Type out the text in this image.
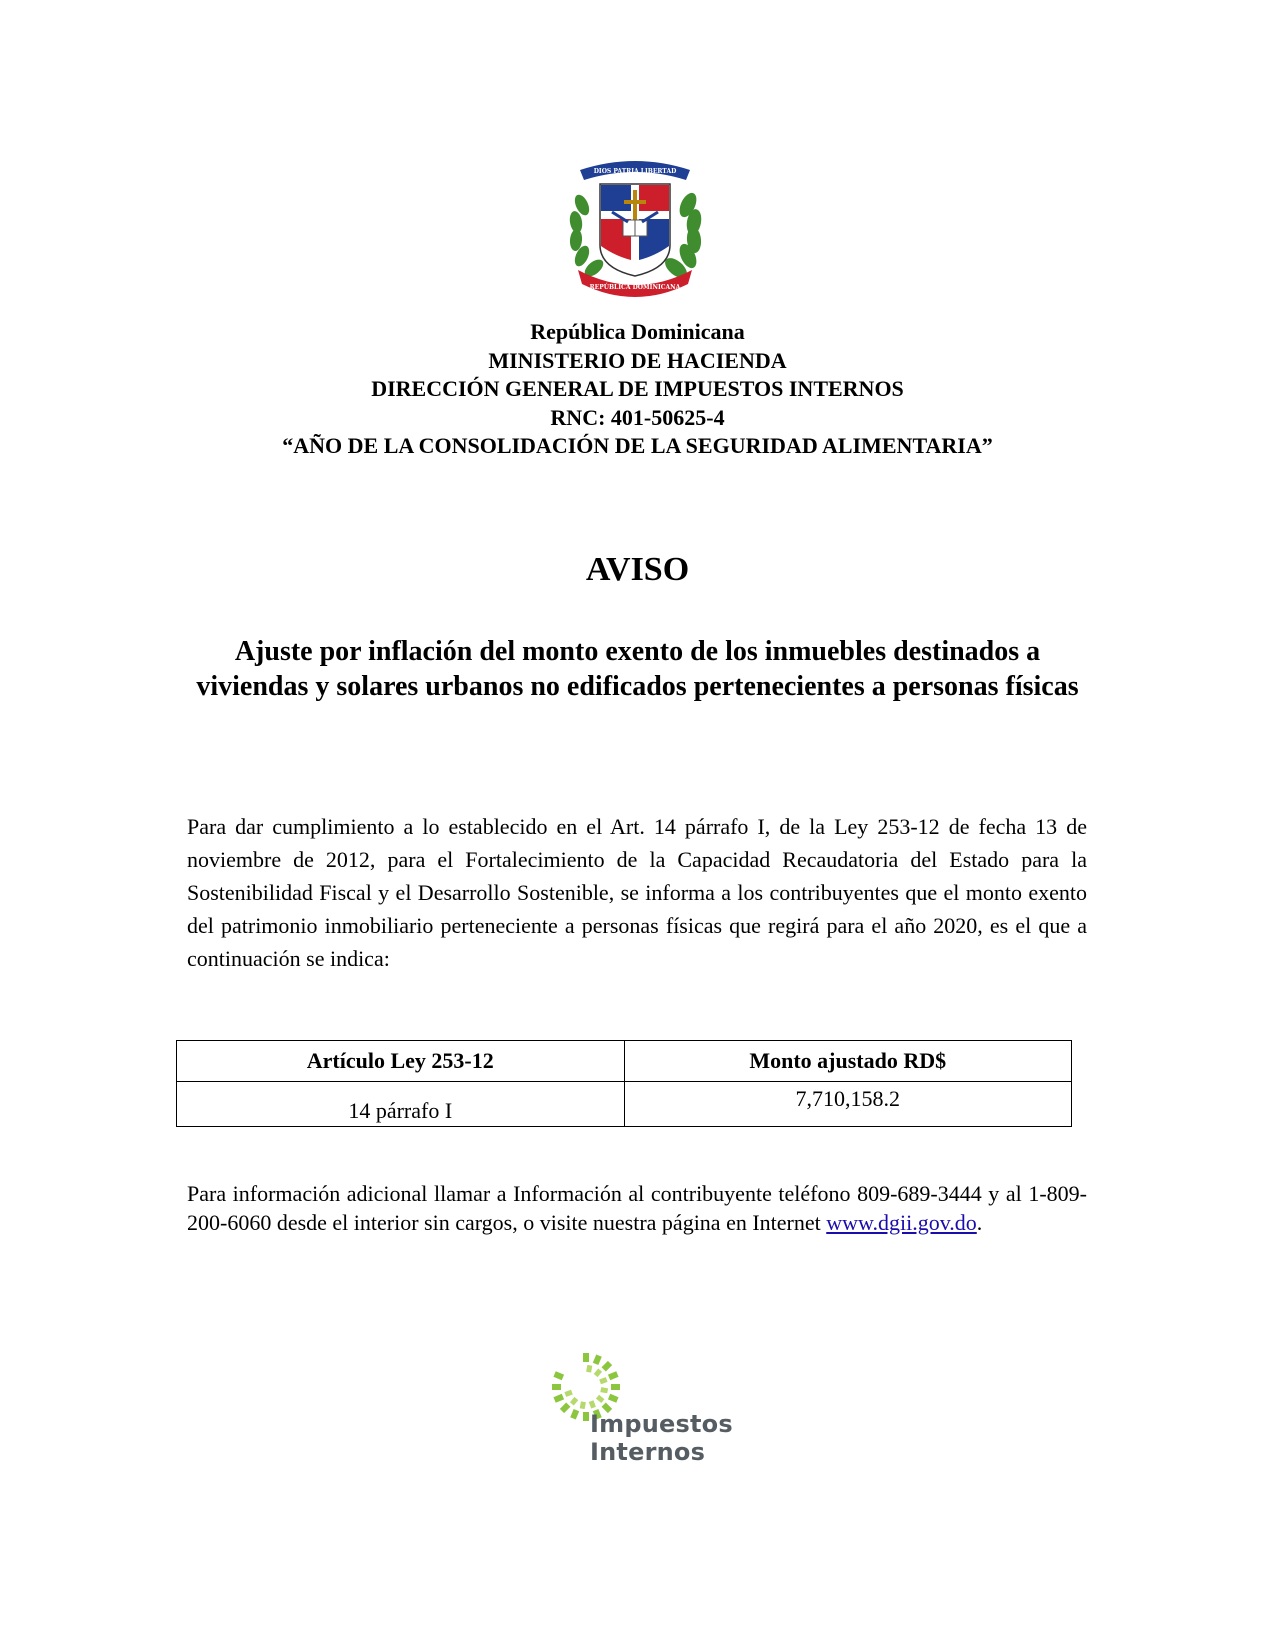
DIOS PATRIA LIBERTAD
REPÚBLICA DOMINICANA
República Dominicana
MINISTERIO DE HACIENDA
DIRECCIÓN GENERAL DE IMPUESTOS INTERNOS
RNC: 401-50625-4
“AÑO DE LA CONSOLIDACIÓN DE LA SEGURIDAD ALIMENTARIA”
AVISO
Ajuste por inflación del monto exento de los inmuebles destinados a viviendas y solares urbanos no edificados pertenecientes a personas físicas
Para dar cumplimiento a lo establecido en el Art. 14 párrafo I, de la Ley 253-12 de fecha 13 de noviembre de 2012, para el Fortalecimiento de la Capacidad Recaudatoria del Estado para la Sostenibilidad Fiscal y el Desarrollo Sostenible, se informa a los contribuyentes que el monto exento del patrimonio inmobiliario perteneciente a personas físicas que regirá para el año 2020, es el que a continuación se indica:
Artículo Ley 253-12	Monto ajustado RD$
14 párrafo I	7,710,158.2
Para información adicional llamar a Información al contribuyente teléfono 809-689-3444 y al 1-809-200-6060 desde el interior sin cargos, o visite nuestra página en Internet www.dgii.gov.do.
Impuestos
Internos
